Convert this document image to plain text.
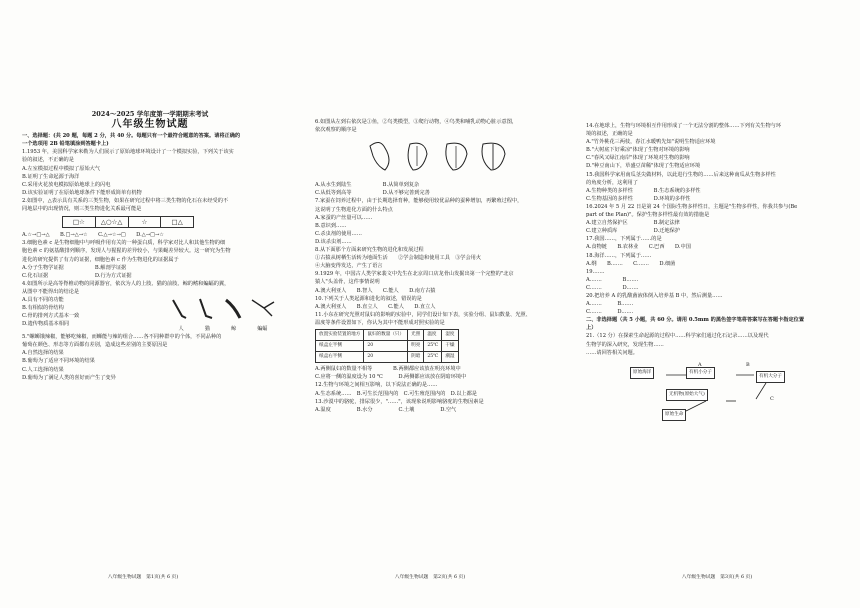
2024～2025 学年度第一学期期末考试
八年级生物试题
一、选择题：(共 20 题，每题 2 分，共 40 分。每题只有一个最符合题意的答案。请将正确的
一个选项用 2B 铅笔填涂到答题卡上)
1.1953 年，美国科学家米勒为人们展示了原始地球环境设计了一个模拟实验，下列关于该实
验的叙述，不正确的是
A.左室模拟过程中模拟了原始大气
B.证明了生命起源于海洋
C.采用火花放电模拟原始地球上的闪电
D.该实验证明了在原始地球条件下能形成简单有机物
2.如图中，△表示具有关系的三类生物，如果在研究过程中将三类生物的化石在未经受的不
同地层中的出现情况，则三类生物进化关系最可能是
□☆	△○☆△	☆	□△
A.☆→□→△　　B.□→△→☆　　C.△→☆→□　　D.△→□→☆
3.细胞色素 c 是生物细胞中与呼吸作用有关的一种蛋白质，科学家对比人和其他生物的细
胞色素 c 的氨基酸排列顺序，发现人与猩猩的差异较小，与果蝇差异较大。这一研究为生物
进化的研究提供了有力的证据，细胞色素 c 作为生物进化的证据属于
A.分子生物学证据　　　　　　B.解剖学证据
C.化石证据　　　　　　　　　D.行为方式证据
4.如图所示是高等脊椎动物的同源器官，依次为人的上肢、猫的前肢、鲸的鳍和蝙蝠的翼，
从图中不能得出的结论是
A.具有不同的功能
B.有相似的骨结构
C.骨的排列方式基本一致
D.遗传物质基本相同
人	猫	鲸	蝙蝠
5."螺蛳饿辣椒，能够吃辣椒，而蛳能与辣的组合……各不同种群中的个体，不同品种的
葡萄在颜色、形态等方面都有差别，造成这些差别的主要原因是
A.自然选择的结果
B.葡萄为了适应不同环境的结果
C.人工选择的结果
D.葡萄为了满足人类的喜好而产生了变异
八年级生物试题　第1页(共 6 页)
6.如图从左到右依次是①鱼，②鸟类模型，③爬行动物，④鸟类和哺乳动物心脏示意图，
依次观察的顺序是
A.从水生到陆生　　　　　　B.从简单到复杂
C.从低等到高等　　　　　　D.从不够完善到完善
7.家蚕在饲养过程中，由于长期选择育种，能够使用较优品种的蚕种增加，再繁殖过程中，
这说明了生物进化方面的什么特点
A.家蚕的产丝量可以……
B.意识到……
C.杀虫剂的使用……
D.该杀虫剂……
8.从下面那个方面来研究生物的进化和发展过程
①古猿从树栖生活转为地面生活　　②学会制造和使用工具　③学会用火
④大脑变得发达，产生了语言
9.1929 年，中国古人类学家裴文中先生在北京周口店龙骨山发掘出第一个完整的"北京
猿人"头盖骨，这件事情说明
A.澳大利亚人　　B.智人　　C.能人　　D.南方古猿
10.下列关于人类起源和进化的叙述，错误的是
A.澳大利亚人　　B.直立人　　C.能人　　D.直立人
11.小东在研究光照对鼠妇的影响的实验中，同学们设计如下表，实验分组、鼠妇数量、光照、
温度等条件设置如下，你认为其中不能形成对照实验的是
放置实验装置的地方	鼠妇的数量（只）	光照	温度	湿度
纸盒左半侧	20	明亮	25℃	干燥
纸盒右半侧	20	阴暗	25℃	潮湿
A.两侧鼠妇的数量不相等　　　　B.两侧都应该放在明亮环境中
C.应将一侧的温度设为 10 ℃　　　D.两侧都应该放在阴暗环境中
12.生物与环境之间相互影响，以下说法正确的是……
A.生态系统……　B.可生长范围内的　C.可生殖范围内的　D.以上都是
13.沙漠中的骆驼，排尿很少，"……"，该现象说明影响骆驼的生物因素是
A.温度　　　　　B.水分　　　　　C.土壤　　　　　D.空气
八年级生物试题　第2页(共 6 页)
14.在地球上，生物与环境相互作用形成了一个无法分割的整体……下列有关生物与环
境的叙述，正确的是
A."竹外桃花三两枝，春江水暖鸭先知"说明生物适应环境
B."大树底下好乘凉"体现了生物对环境的影响
C."春风又绿江南岸"体现了环境对生物的影响
D."种豆南山下，草盛豆苗稀"体现了生物适应环境
15.我国科学家用南瓜茎尖做材料，以此进行生物的……后来这种南瓜从生物多样性
的角度分析，这利用了
A.生物种类的多样性　　　　B.生态系统的多样性
C.生物基因的多样性　　　　D.环境的多样性
16.2024 年 5 月 22 日是第 24 个国际生物多样性日，主题是"生物多样性，你我共参与(Be
part of the Plan)"。保护生物多样性最有效的措施是
A.建立自然保护区　　　　　B.制定法律
C.建立种质库　　　　　　　D.迁地保护
17.我国……，下列属于……的是
A.食物链　　B.农林业　　C.巴西　　D.中国
18.海洋……，下列属于……
A.纲　　B.……　　C.……　　D.细菌
19.……
A.……　　　　B.……
C.……　　　　D.……
20.把培养 A 的乳酸菌液体倒入培养基 B 中，然后测量……
A.……　　　B.……
C.……　　　D.……
二、非选择题（共 5 小题，共 60 分。请用 0.5mm 的黑色签字笔将答案写在答题卡指定位置
上）
21.（12 分）在探索生命起源的过程中……科学家们通过化石记录……以及现代
生物学的深入研究，发现生物……
……请回答相关问题。
原始海洋	有机小分子
有机大分子
原始生命
无机物(原始大气)
A	B
C
八年级生物试题　第3页(共 6 页)
